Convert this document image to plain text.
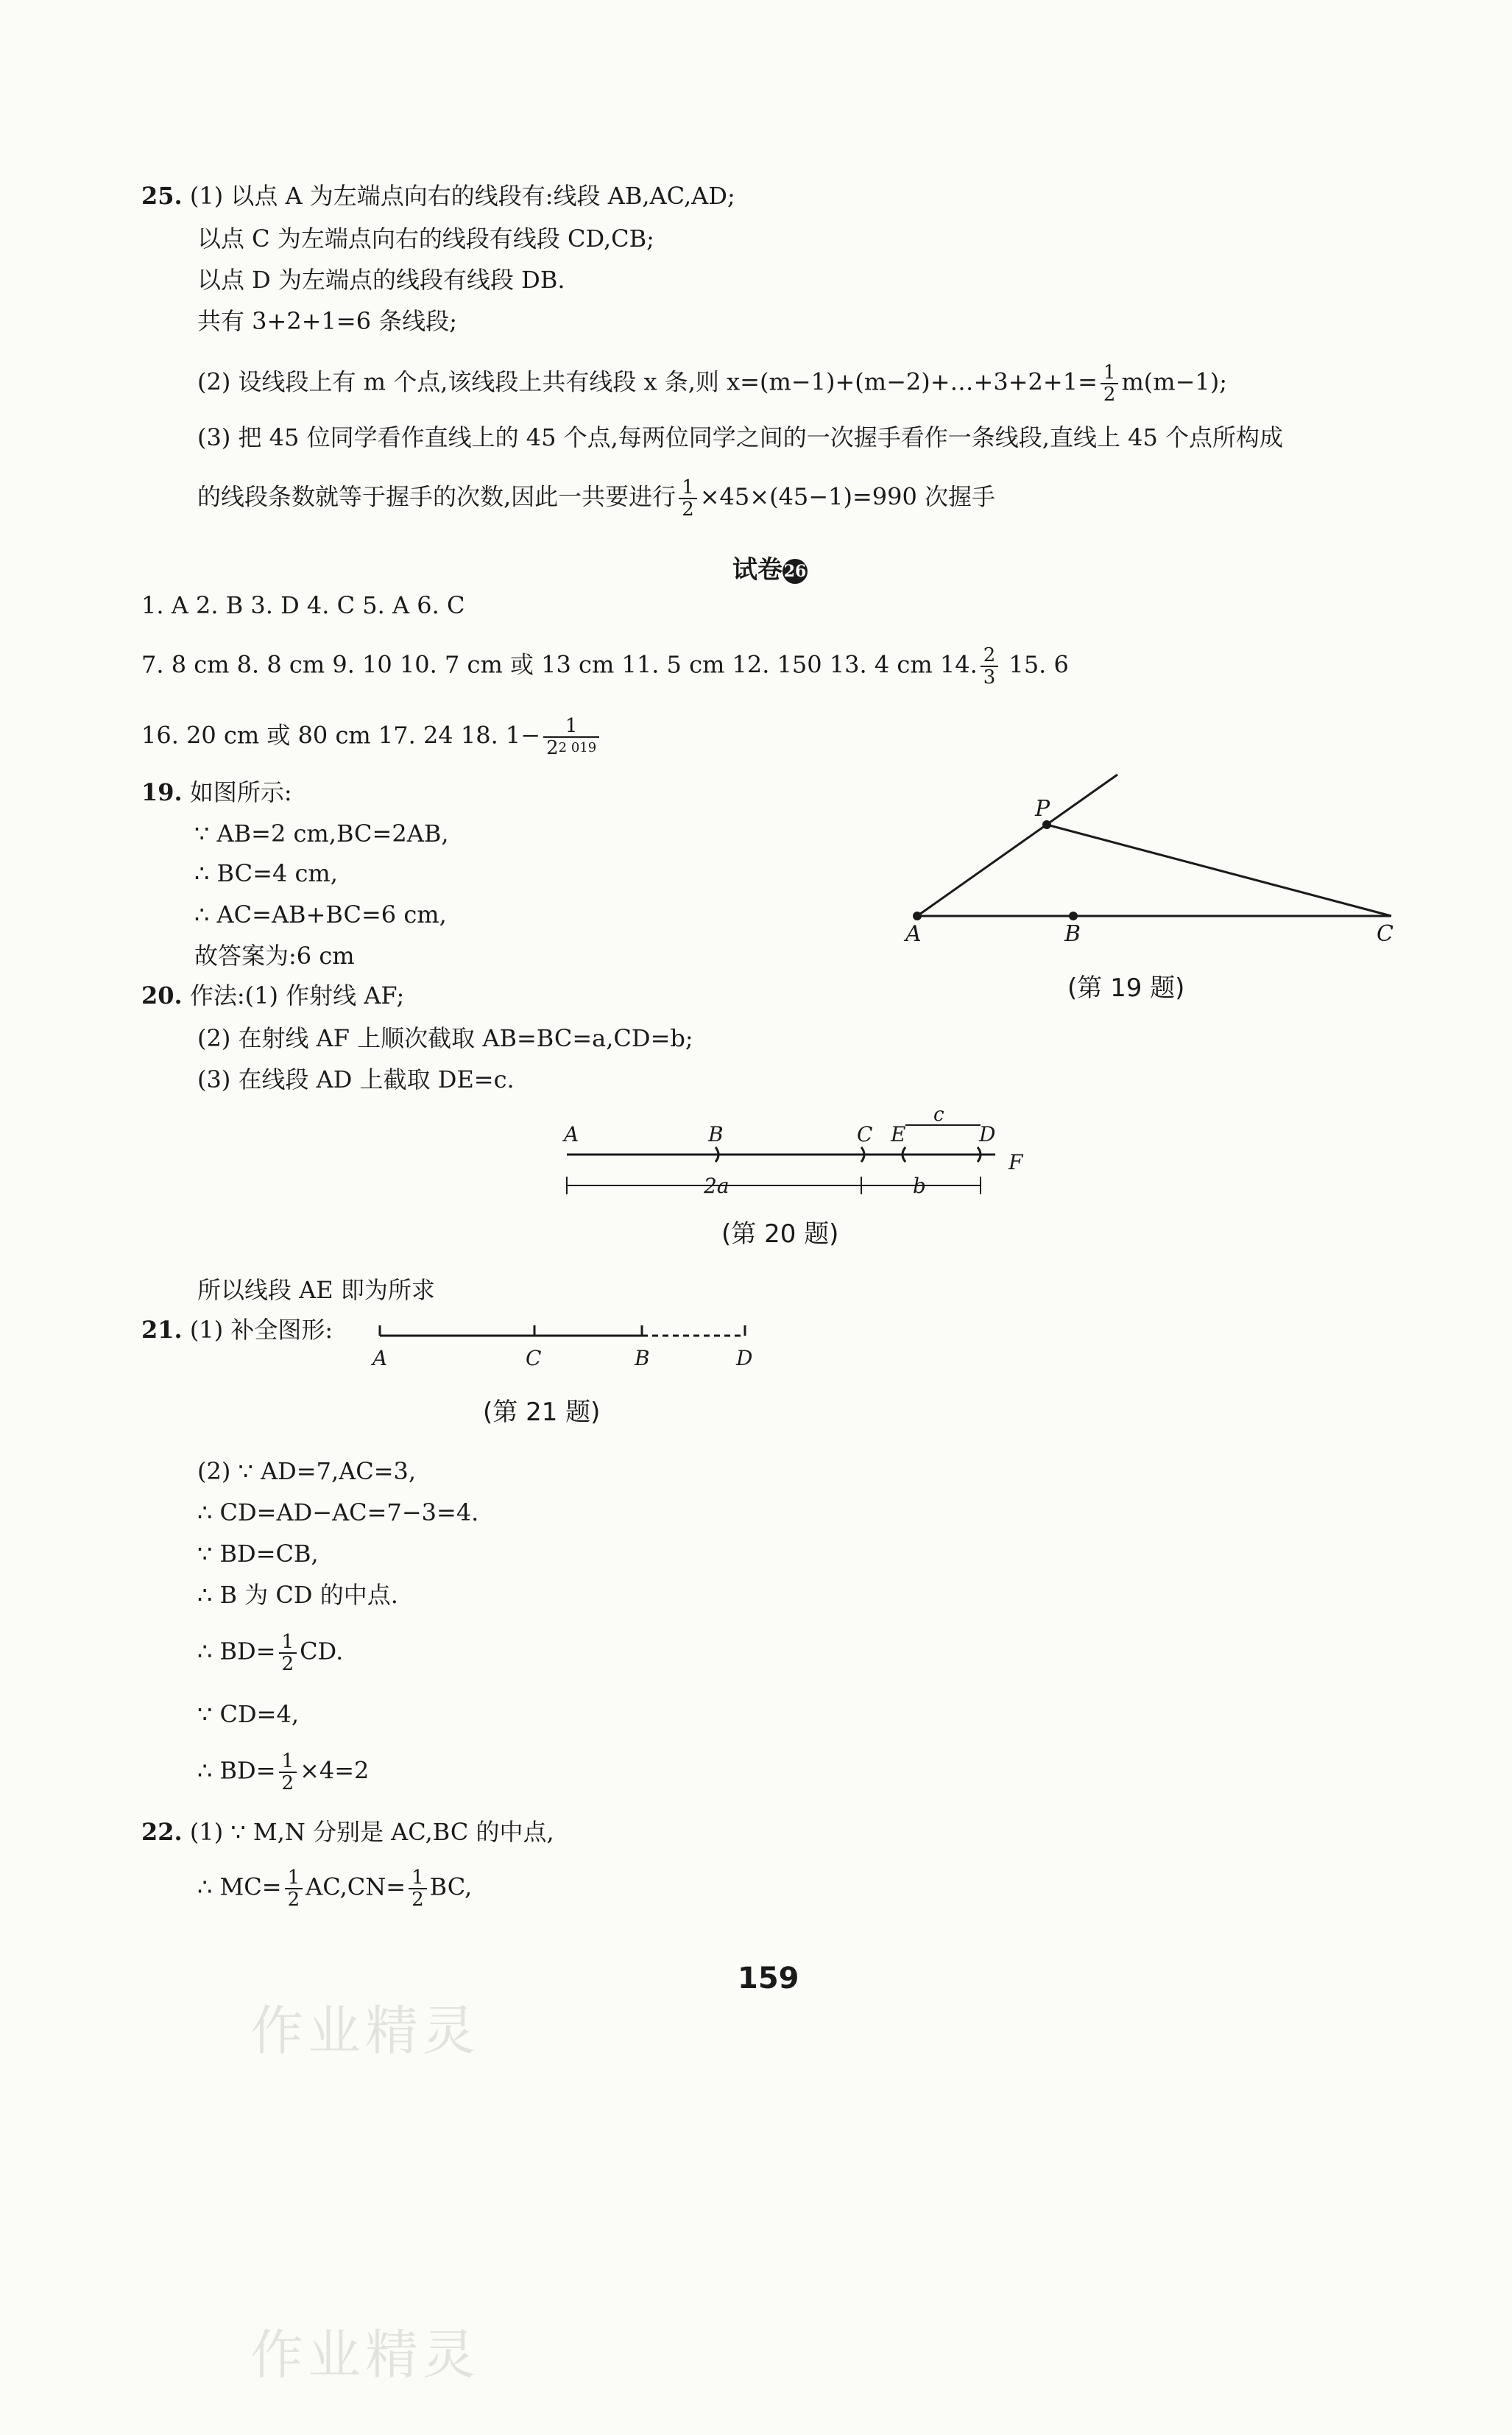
25. (1) 以点 A 为左端点向右的线段有:线段 AB,AC,AD;
以点 C 为左端点向右的线段有线段 CD,CB;
以点 D 为左端点的线段有线段 DB.
共有 3+2+1=6 条线段;
(2) 设线段上有 m 个点,该线段上共有线段 x 条,则 x=(m−1)+(m−2)+…+3+2+1= $\frac{1}{2} m(m-1)$;
(3) 把 45 位同学看作直线上的 45 个点,每两位同学之间的一次握手看作一条线段,直线上 45 个点所构成
的线段条数就等于握手的次数,因此一共要进行 $\frac{1}{2} \times 45\times(45-1)=990$ 次握手
试卷26
1. A 2. B 3. D 4. C 5. A 6. C
7. 8 cm 8. 8 cm 9. 10 10. 7 cm 或 13 cm 11. 5 cm 12. 150 13. 4 cm 14. $\frac{2}{3} 15$. 6
16. 20 cm 或 80 cm 17. 24 18. $1- \frac{1}{2^{2 019}}$
19. 如图所示:
∵ AB=2 cm,BC=2AB,
∴ BC=4 cm,
∴ AC=AB+BC=6 cm,
故答案为:6 cm
A	B	C
P
(第 19 题)
20. 作法:(1) 作射线 AF;
(2) 在射线 AF 上顺次截取 AB=BC=a,CD=b;
(3) 在线段 AD 上截取 DE=c.
A	B	C E	D
F
2a	b
c
(第 20 题)
所以线段 AE 即为所求
21. (1) 补全图形:
A	C	B	D
(第 21 题)
(2) ∵ AD=7,AC=3,
∴ CD=AD−AC=7−3=4.
∵ BD=CB,
∴ B 为 CD 的中点.
∴ $BD= \frac{1}{2}$ CD.
∵ CD=4,
∴ $BD= \frac{1}{2} \times 4=2$
22. (1) ∵ M,N 分别是 AC,BC 的中点,
∴ $MC= \frac{1}{2} AC,CN= \frac{1}{2}$ BC,
159
作业精灵
作业精灵
